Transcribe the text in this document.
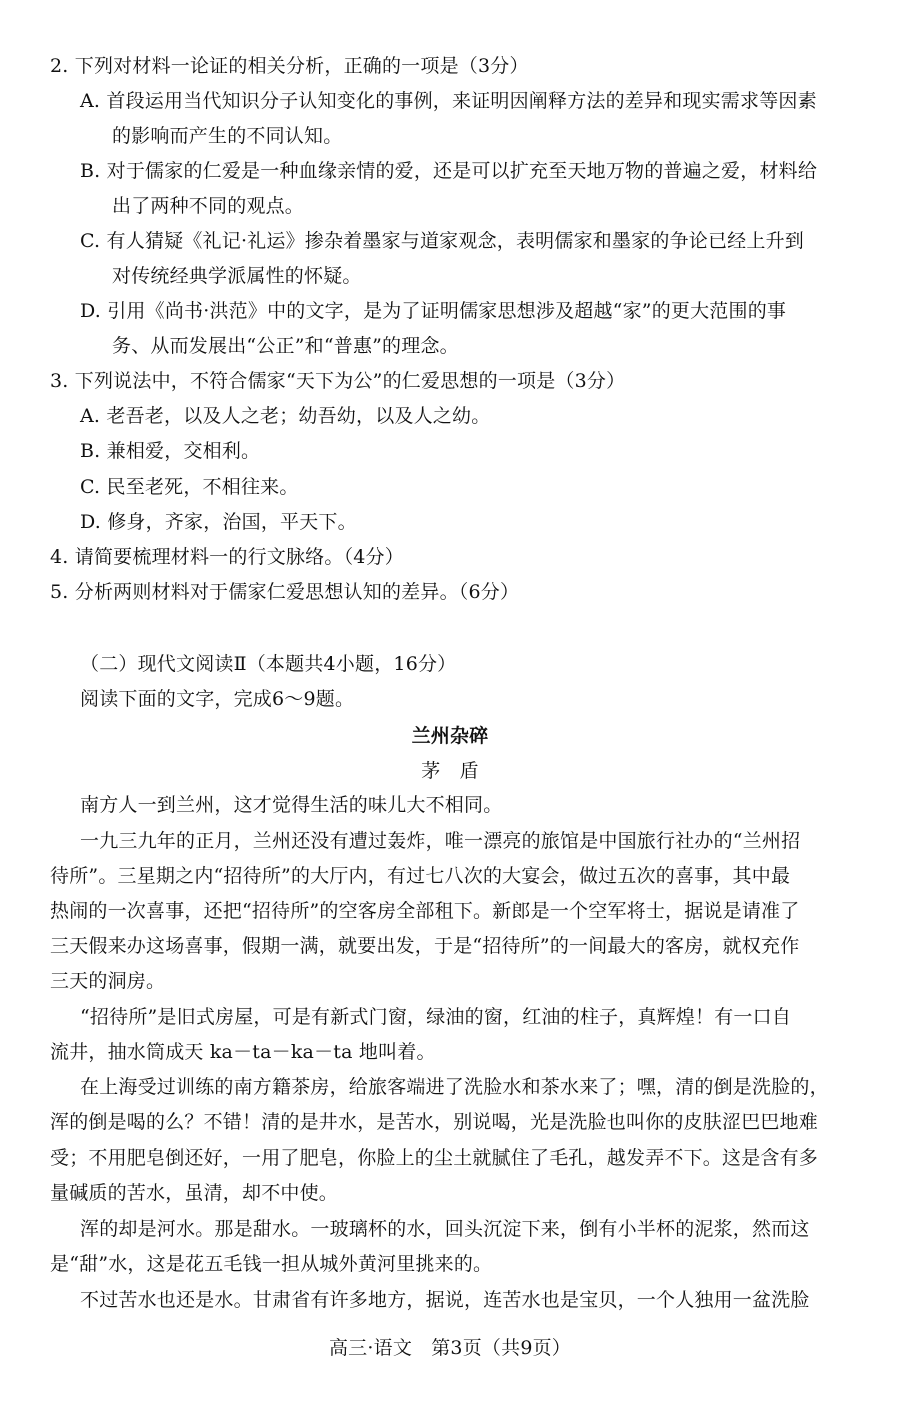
2. 下列对材料一论证的相关分析，正确的一项是（3分）
A. 首段运用当代知识分子认知变化的事例，来证明因阐释方法的差异和现实需求等因素
的影响而产生的不同认知。
B. 对于儒家的仁爱是一种血缘亲情的爱，还是可以扩充至天地万物的普遍之爱，材料给
出了两种不同的观点。
C. 有人猜疑《礼记·礼运》掺杂着墨家与道家观念，表明儒家和墨家的争论已经上升到
对传统经典学派属性的怀疑。
D. 引用《尚书·洪范》中的文字，是为了证明儒家思想涉及超越“家”的更大范围的事
务、从而发展出“公正”和“普惠”的理念。
3. 下列说法中，不符合儒家“天下为公”的仁爱思想的一项是（3分）
A. 老吾老，以及人之老；幼吾幼，以及人之幼。
B. 兼相爱，交相利。
C. 民至老死，不相往来。
D. 修身，齐家，治国，平天下。
4. 请简要梳理材料一的行文脉络。（4分）
5. 分析两则材料对于儒家仁爱思想认知的差异。（6分）
（二）现代文阅读Ⅱ（本题共4小题，16分）
阅读下面的文字，完成6～9题。
兰州杂碎
茅　盾
南方人一到兰州，这才觉得生活的味儿大不相同。
一九三九年的正月，兰州还没有遭过轰炸，唯一漂亮的旅馆是中国旅行社办的“兰州招
待所”。三星期之内“招待所”的大厅内，有过七八次的大宴会，做过五次的喜事，其中最
热闹的一次喜事，还把“招待所”的空客房全部租下。新郎是一个空军将士，据说是请准了
三天假来办这场喜事，假期一满，就要出发，于是“招待所”的一间最大的客房，就权充作
三天的洞房。
“招待所”是旧式房屋，可是有新式门窗，绿油的窗，红油的柱子，真辉煌！有一口自
流井，抽水筒成天 ka－ta－ka－ta 地叫着。
在上海受过训练的南方籍茶房，给旅客端进了洗脸水和茶水来了；嘿，清的倒是洗脸的，
浑的倒是喝的么？不错！清的是井水，是苦水，别说喝，光是洗脸也叫你的皮肤涩巴巴地难
受；不用肥皂倒还好，一用了肥皂，你脸上的尘土就腻住了毛孔，越发弄不下。这是含有多
量碱质的苦水，虽清，却不中使。
浑的却是河水。那是甜水。一玻璃杯的水，回头沉淀下来，倒有小半杯的泥浆，然而这
是“甜”水，这是花五毛钱一担从城外黄河里挑来的。
不过苦水也还是水。甘肃省有许多地方，据说，连苦水也是宝贝，一个人独用一盆洗脸
高三·语文　第3页（共9页）
